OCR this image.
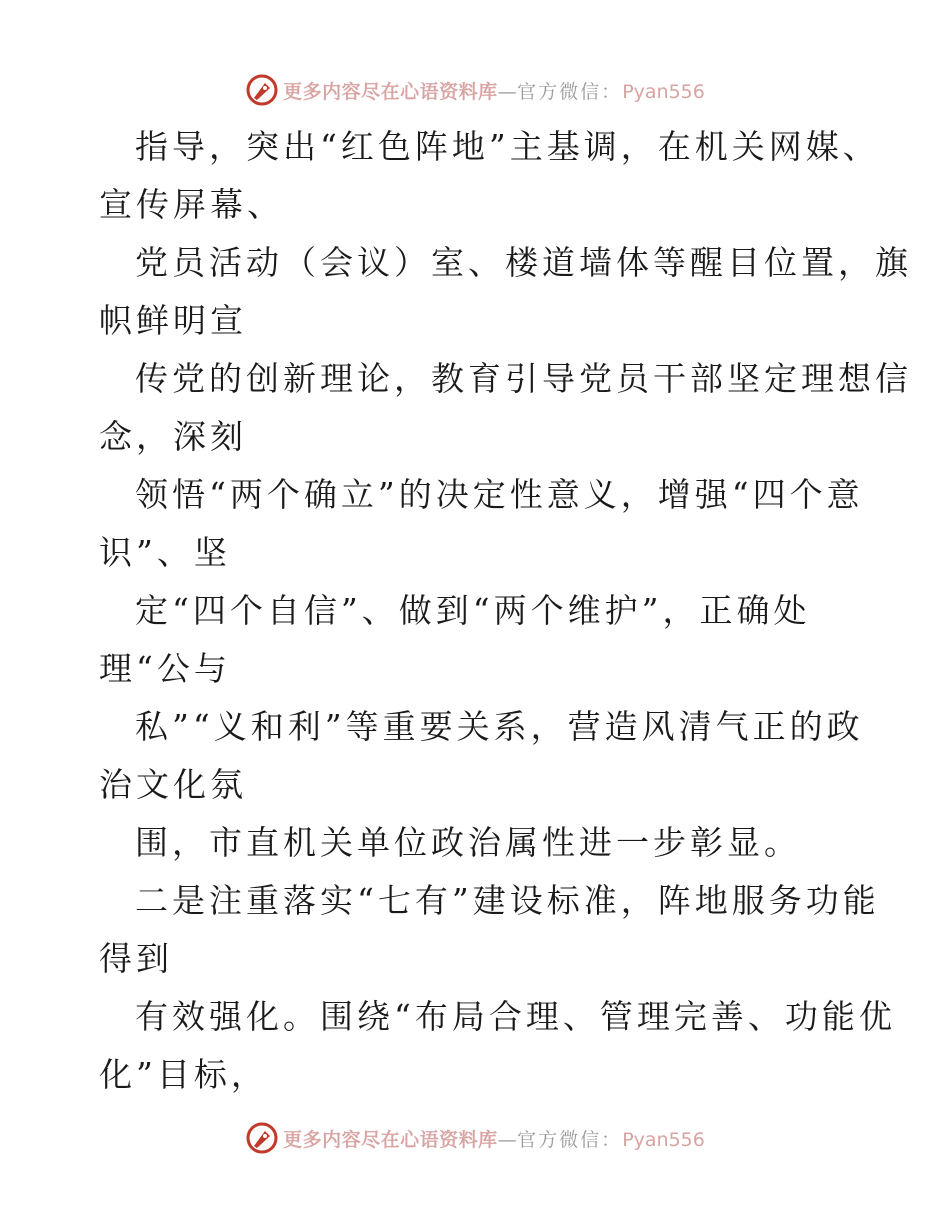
更多内容尽在心语资料库—官方微信：Pyan556
指导，突出“红色阵地”主基调，在机关网媒、
宣传屏幕、
党员活动（会议）室、楼道墙体等醒目位置，旗
帜鲜明宣
传党的创新理论，教育引导党员干部坚定理想信
念，深刻
领悟“两个确立”的决定性意义，增强“四个意
识”、坚
定“四个自信”、做到“两个维护”，正确处
理“公与
私”“义和利”等重要关系，营造风清气正的政
治文化氛
围，市直机关单位政治属性进一步彰显。
二是注重落实“七有”建设标准，阵地服务功能
得到
有效强化。围绕“布局合理、管理完善、功能优
化”目标，
更多内容尽在心语资料库—官方微信：Pyan556
